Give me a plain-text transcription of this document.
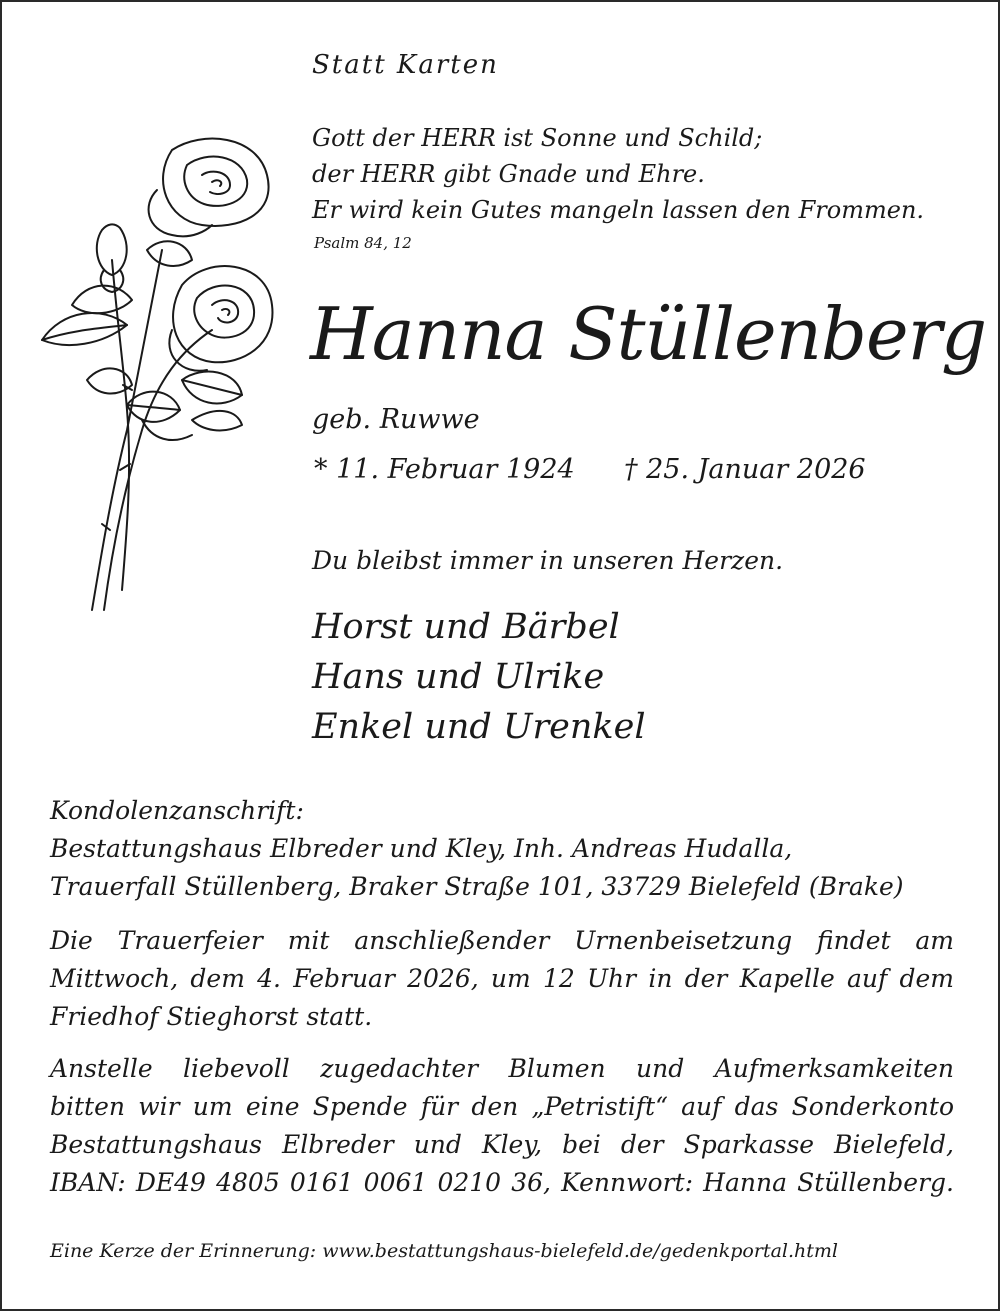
Statt Karten
Gott der HERR ist Sonne und Schild;
der HERR gibt Gnade und Ehre.
Er wird kein Gutes mangeln lassen den Frommen.
Psalm 84, 12
Hanna Stüllenberg
geb. Ruwwe
* 11. Februar 1924 † 25. Januar 2026
Du bleibst immer in unseren Herzen.
Horst und Bärbel
Hans und Ulrike
Enkel und Urenkel

Kondolenzanschrift:

Bestattungshaus Elbreder und Kley, Inh. Andreas Hudalla,

Trauerfall Stüllenberg, Braker Straße 101, 33729 Bielefeld (Brake)

Die Trauerfeier mit anschließender Urnenbeisetzung findet am

Mittwoch, dem 4. Februar 2026, um 12 Uhr in der Kapelle auf dem

Friedhof Stieghorst statt.

Anstelle liebevoll zugedachter Blumen und Aufmerksamkeiten

bitten wir um eine Spende für den „Petristift“ auf das Sonderkonto

Bestattungshaus Elbreder und Kley, bei der Sparkasse Bielefeld,

IBAN: DE49 4805 0161 0061 0210 36, Kennwort: Hanna Stüllenberg.

Eine Kerze der Erinnerung: www.bestattungshaus-bielefeld.de/gedenkportal.html
